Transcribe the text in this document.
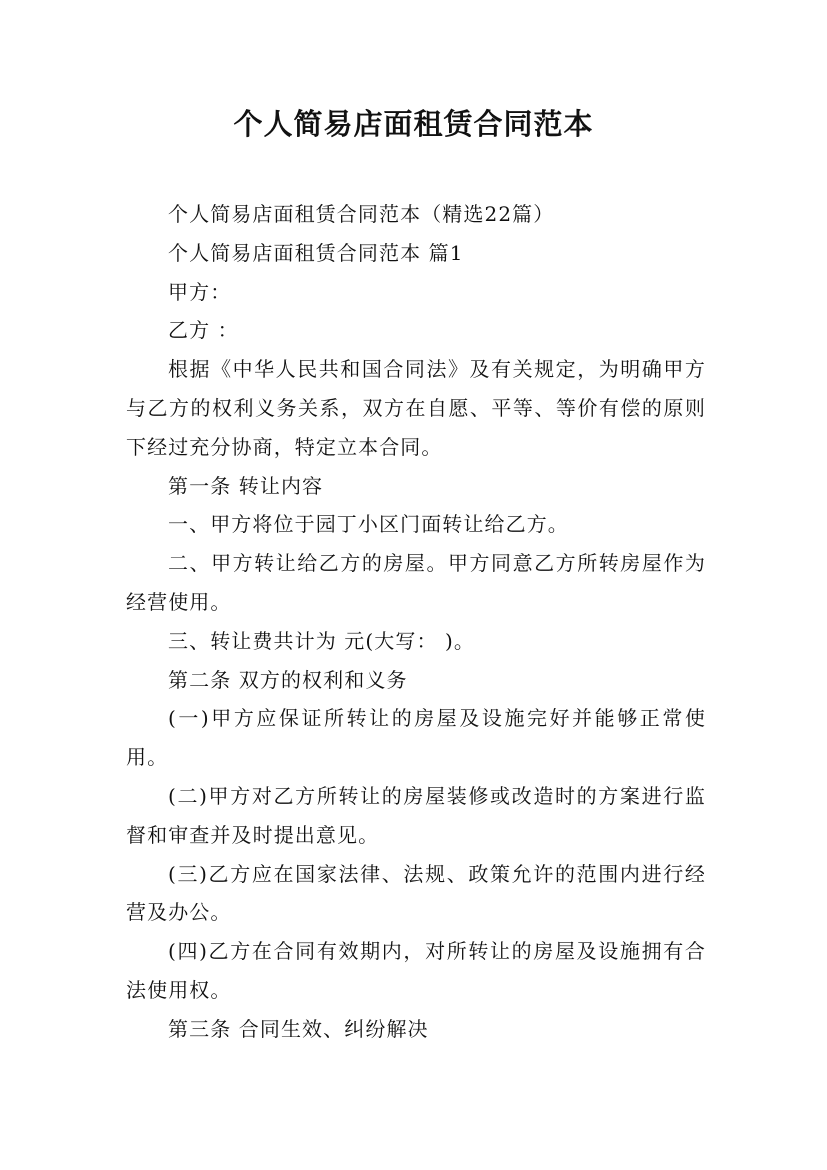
个人简易店面租赁合同范本

个人简易店面租赁合同范本（精选22篇）

个人简易店面租赁合同范本 篇1

甲方：

乙方 ：

根据《中华人民共和国合同法》及有关规定，为明确甲方与乙方的权利义务关系，双方在自愿、平等、等价有偿的原则下经过充分协商，特定立本合同。

第一条 转让内容

一、甲方将位于园丁小区门面转让给乙方。

二、甲方转让给乙方的房屋。甲方同意乙方所转房屋作为经营使用。

三、转让费共计为 元(大写： )。

第二条 双方的权利和义务

(一)甲方应保证所转让的房屋及设施完好并能够正常使用。

(二)甲方对乙方所转让的房屋装修或改造时的方案进行监督和审查并及时提出意见。

(三)乙方应在国家法律、法规、政策允许的范围内进行经营及办公。

(四)乙方在合同有效期内，对所转让的房屋及设施拥有合法使用权。

第三条 合同生效、纠纷解决
